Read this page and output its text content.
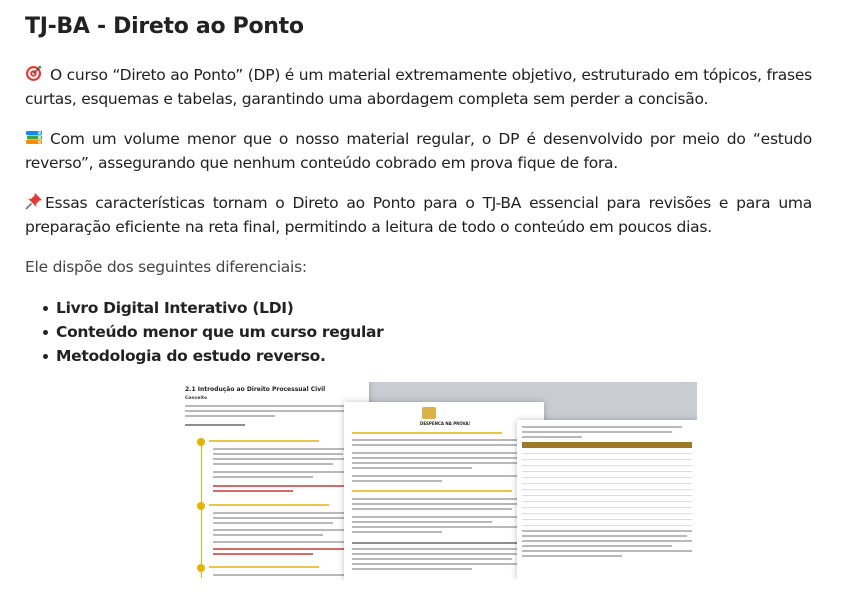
TJ-BA - Direto ao Ponto
O curso “Direto ao Ponto” (DP) é um material extremamente objetivo, estruturado em tópicos, frases curtas, esquemas e tabelas, garantindo uma abordagem completa sem perder a concisão.
Com um volume menor que o nosso material regular, o DP é desenvolvido por meio do “estudo reverso”, assegurando que nenhum conteúdo cobrado em prova fique de fora.
Essas características tornam o Direto ao Ponto para o TJ-BA essencial para revisões e para uma preparação eficiente na reta final, permitindo a leitura de todo o conteúdo em poucos dias.
Ele dispõe dos seguintes diferenciais:
Livro Digital Interativo (LDI)
Conteúdo menor que um curso regular
Metodologia do estudo reverso.
2.1 Introdução ao Direito Processual Civil
Conceito
DESPENCA NA PROVA!
